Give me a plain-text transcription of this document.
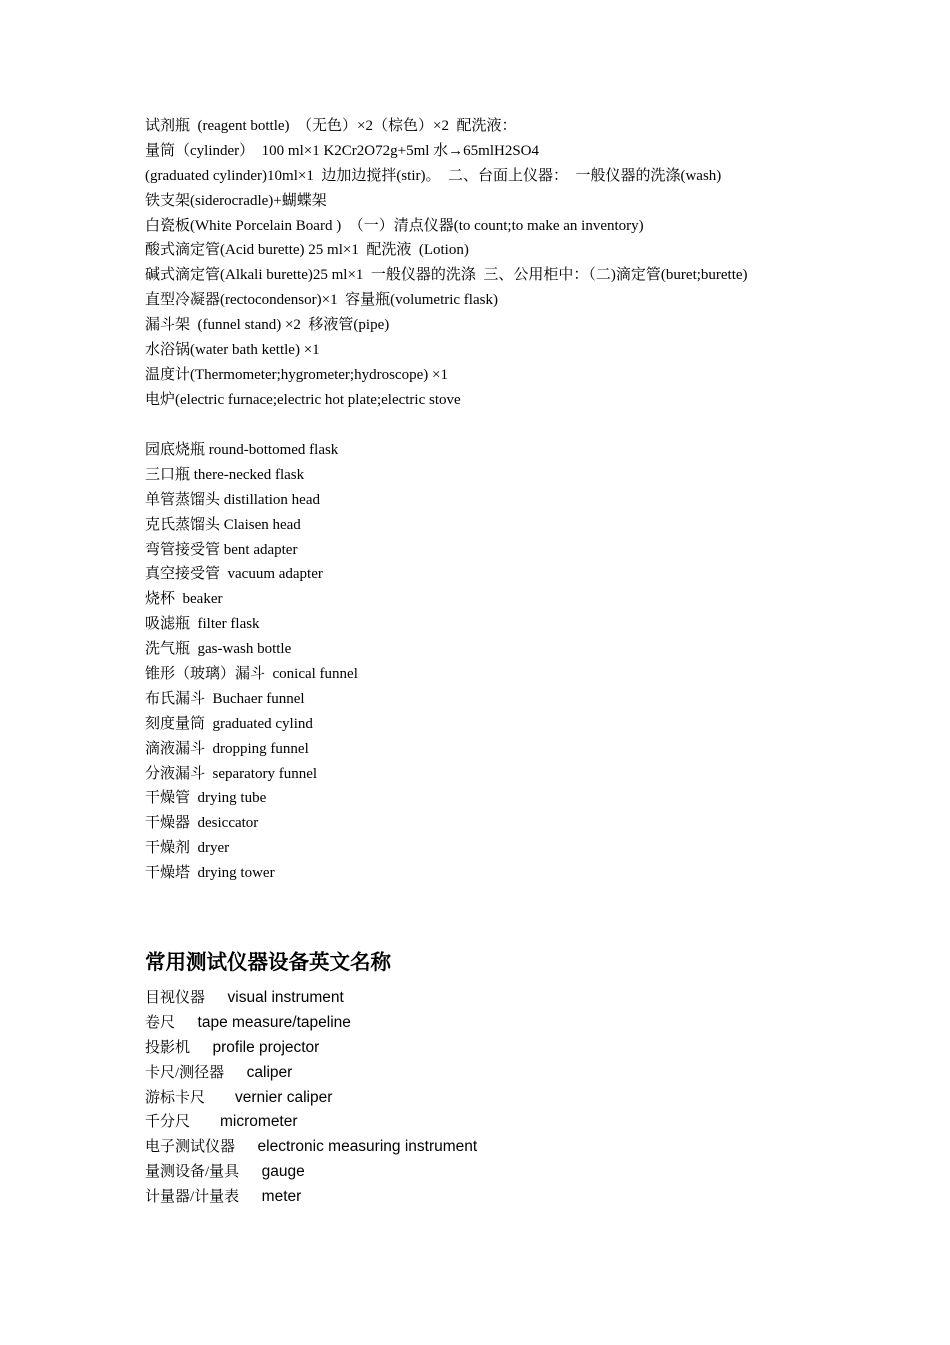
试剂瓶  (reagent bottle)  （无色）×2（棕色）×2  配洗液：
量筒（cylinder）  100 ml×1 K2Cr2O72g+5ml 水→65mlH2SO4
(graduated cylinder)10ml×1  边加边搅拌(stir)。  二、台面上仪器：  一般仪器的洗涤(wash)
铁支架(siderocradle)+蝴蝶架
白瓷板(White Porcelain Board )  （一）清点仪器(to count;to make an inventory)
酸式滴定管(Acid burette) 25 ml×1  配洗液  (Lotion)
碱式滴定管(Alkali burette)25 ml×1  一般仪器的洗涤  三、公用柜中：（二)滴定管(buret;burette)
直型冷凝器(rectocondensor)×1  容量瓶(volumetric flask)
漏斗架  (funnel stand) ×2  移液管(pipe)
水浴锅(water bath kettle) ×1
温度计(Thermometer;hygrometer;hydroscope) ×1
电炉(electric furnace;electric hot plate;electric stove
园底烧瓶 round-bottomed flask
三口瓶 there-necked flask
单管蒸馏头 distillation head
克氏蒸馏头 Claisen head
弯管接受管 bent adapter
真空接受管  vacuum adapter
烧杯  beaker
吸滤瓶  filter flask
洗气瓶  gas-wash bottle
锥形（玻璃）漏斗  conical funnel
布氏漏斗  Buchaer funnel
刻度量筒  graduated cylind
滴液漏斗  dropping funnel
分液漏斗  separatory funnel
干燥管  drying tube
干燥器  desiccator
干燥剂  dryer
干燥塔  drying tower
常用测试仪器设备英文名称
目视仪器 visual instrument
卷尺 tape measure/tapeline
投影机 profile projector
卡尺/测径器 caliper
游标卡尺 vernier caliper
千分尺 micrometer
电子测试仪器 electronic measuring instrument
量测设备/量具 gauge
计量器/计量表 meter
